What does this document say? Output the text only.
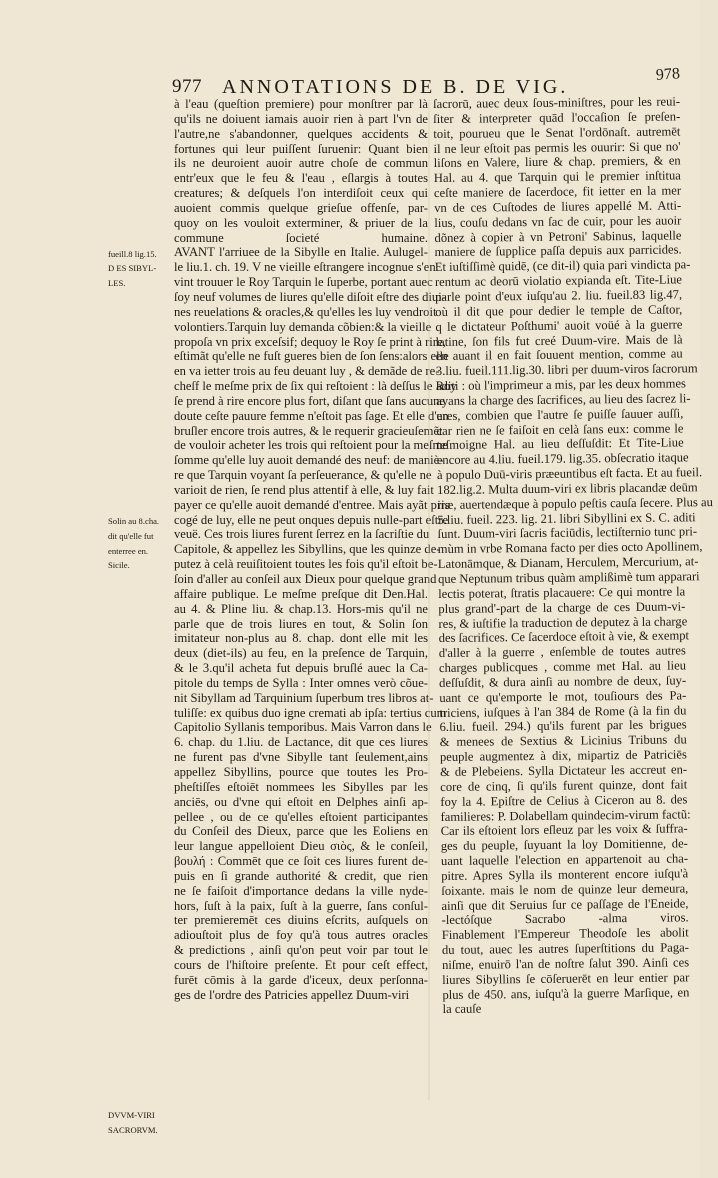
977 ANNOTATIONS DE B. DE VIG.
978
fueill.8 lig.15.
D ES SIBYL-
LES.
Solin au 8.cha.
dit qu'elle fut
enterree en.
Sicile.
DVVM-VIRI
SACRORVM.
à l'eau (queſtion premiere) pour monſtrer par là
qu'ils ne doiuent iamais auoir rien à part l'vn de
l'autre,ne s'abandonner, quelques accidents &
fortunes qui leur puiſſent ſuruenir: Quant bien
ils ne deuroient auoir autre choſe de commun
entr'eux que le feu & l'eau , eſlargis à toutes
creatures; & deſquels l'on interdiſoit ceux qui
auoient commis quelque grieſue offenſe, par-
quoy on les vouloit exterminer, & priuer de la
commune ſocieté humaine.
AVANT l'arriuee de la Sibylle en Italie. Aulugel-
le liu.1. ch. 19. V ne vieille eſtrangere incognue s'en
vint trouuer le Roy Tarquin le ſuperbe, portant auec
ſoy neuf volumes de liures qu'elle diſoit eſtre des diui-
nes reuelations & oracles,& qu'elles les luy vendroit
volontiers.Tarquin luy demanda cõbien:& la vieille
propoſa vn prix exceſsif; dequoy le Roy ſe print à rire,
eſtimãt qu'elle ne fuſt gueres bien de ſon ſens:alors elle
en va ietter trois au feu deuant luy , & demãde de re-
cheſf le meſme prix de ſix qui reſtoient : là deſſus le Roy
ſe prend à rire encore plus fort, diſant que ſans aucune
doute ceſte pauure femme n'eſtoit pas ſage. Et elle d'en
bruſler encore trois autres, & le requerir gracieuſemẽt
de vouloir acheter les trois qui reſtoient pour la meſme
ſomme qu'elle luy auoit demandé des neuf: de maniè-
re que Tarquin voyant ſa perſeuerance, & qu'elle ne
varioit de rien, ſe rend plus attentif à elle, & luy fait
payer ce qu'elle auoit demandé d'entree. Mais ayãt pris
cogé de luy, elle ne peut onques depuis nulle-part eſtre
veuë. Ces trois liures furent ſerrez en la ſacriſtie du
Capitole, & appellez les Sibyllins, que les quinze de-
putez à celà reuiſitoient toutes les fois qu'il eſtoit be-
ſoin d'aller au conſeil aux Dieux pour quelque grand
affaire publique. Le meſme preſque dit Den.Hal.
au 4. & Pline liu. & chap.13. Hors-mis qu'il ne
parle que de trois liures en tout, & Solin ſon
imitateur non-plus au 8. chap. dont elle mit les
deux (diet-ils) au feu, en la preſence de Tarquin,
& le 3.qu'il acheta fut depuis bruſlé auec la Ca-
pitole du temps de Sylla : Inter omnes verò cõue-
nit Sibyllam ad Tarquinium ſuperbum tres libros at-
tuliſſe: ex quibus duo igne cremati ab ipſa: tertius cum
Capitolio Syllanis temporibus. Mais Varron dans le
6. chap. du 1.liu. de Lactance, dit que ces liures
ne furent pas d'vne Sibylle tant ſeulement,ains
appellez Sibyllins, pource que toutes les Pro-
pheſtiſſes eſtoiēt nommees les Sibylles par les
anciēs, ou d'vne qui eſtoit en Delphes ainſi ap-
pellee , ou de ce qu'elles eſtoient participantes
du Conſeil des Dieux, parce que les Eoliens en
leur langue appelloient Dieu σιὸς, & le conſeil,
βουλή : Commēt que ce ſoit ces liures furent de-
puis en ſi grande authorité & credit, que rien
ne ſe faiſoit d'importance dedans la ville nyde-
hors, ſuſt à la paix, ſuſt à la guerre, ſans conſul-
ter premieremēt ces diuins eſcrits, auſquels on
adiouſtoit plus de foy qu'à tous autres oracles
& predictions , ainſi qu'on peut voir par tout le
cours de l'hiſtoire preſente. Et pour ceſt effect,
furēt cōmis à la garde d'iceux, deux perſonna-
ges de l'ordre des Patricies appellez Duum-viri
ſacrorū, auec deux ſous-miniſtres, pour les reui-
ſiter & interpreter quād l'occaſion ſe preſen-
toit, pourueu que le Senat l'ordōnaſt. autremēt
il ne leur eſtoit pas permis les ouurir: Si que no'
liſons en Valere, liure & chap. premiers, & en
Hal. au 4. que Tarquin qui le premier inſtitua
ceſte maniere de ſacerdoce, fit ietter en la mer
vn de ces Cuſtodes de liures appellé M. Atti-
lius, couſu dedans vn ſac de cuir, pour les auoir
dõnez à copier à vn Petroni' Sabinus, laquelle
maniere de ſupplice paſſa depuis aux parricides.
Et iuſtiſſimè quidē, (ce dit-il) quia pari vindicta pa-
rentum ac deorū violatio expianda eſt. Tite-Liue
parle point d'eux iuſqu'au 2. liu. fueil.83 lig.47,
où il dit que pour dedier le temple de Caſtor,
q le dictateur Poſthumi' auoit voüé à la guerre
latine, ſon fils fut creé Duum-vire. Mais de là
en auant il en fait ſouuent mention, comme au
3.liu. fueil.111.lig.30. libri per duum-viros ſacrorum
aditi : où l'imprimeur a mis, par les deux hommes
ayans la charge des ſacrifices, au lieu des ſacrez li-
ures, combien que l'autre ſe puiſſe ſauuer auſſi,
car rien ne ſe faiſoit en celà ſans eux: comme le
teſmoigne Hal. au lieu deſſuſdit: Et Tite-Liue
encore au 4.liu. fueil.179. lig.35. obſecratio itaque
à populo Duū-viris præeuntibus eſt facta. Et au fueil.
182.lig.2. Multa duum-viri ex libris placandæ deūm
iræ, auertendæque à populo peſtis cauſa ſecere. Plus au
5.liu. fueil. 223. lig. 21. libri Sibyllini ex S. C. aditi
ſunt. Duum-viri ſacris faciūdis, lectiſternio tunc pri-
mùm in vrbe Romana facto per dies octo Apollinem,
Latonāmque, & Dianam, Herculem, Mercurium, at-
que Neptunum tribus quàm amplißimè tum apparari
lectis poterat, ſtratis placauere: Ce qui montre la
plus grand'-part de la charge de ces Duum-vi-
res, & iuſtifie la traduction de deputez à la charge
des ſacrifices. Ce ſacerdoce eſtoit à vie, & exempt
d'aller à la guerre , enſemble de toutes autres
charges publicques , comme met Hal. au lieu
deſſuſdit, & dura ainſi au nombre de deux, ſuy-
uant ce qu'emporte le mot, touſiours des Pa-
triciens, iuſques à l'an 384 de Rome (à la fin du
6.liu. fueil. 294.) qu'ils furent par les brigues
& menees de Sextius & Licinius Tribuns du
peuple augmentez à dix, mipartiz de Patriciēs
& de Plebeiens. Sylla Dictateur les accreut en-
core de cinq, ſi qu'ils furent quinze, dont fait
foy la 4. Epiſtre de Celius à Ciceron au 8. des
familieres: P. Dolabellam quindecim-virum factũ:
Car ils eſtoient lors eſleuz par les voix & ſuffra-
ges du peuple, ſuyuant la loy Domitienne, de-
uant laquelle l'election en appartenoit au cha-
pitre. Apres Sylla ils monterent encore iuſqu'à
ſoixante. mais le nom de quinze leur demeura,
ainſi que dit Seruius ſur ce paſſage de l'Eneide,
-lectóſque Sacrabo -alma viros.
Finablement l'Empereur Theodoſe les abolit
du tout, auec les autres ſuperſtitions du Paga-
niſme, enuirō l'an de noſtre ſalut 390. Ainſi ces
liures Sibyllins ſe cōſeruerēt en leur entier par
plus de 450. ans, iuſqu'à la guerre Marſique, en
la cauſe
